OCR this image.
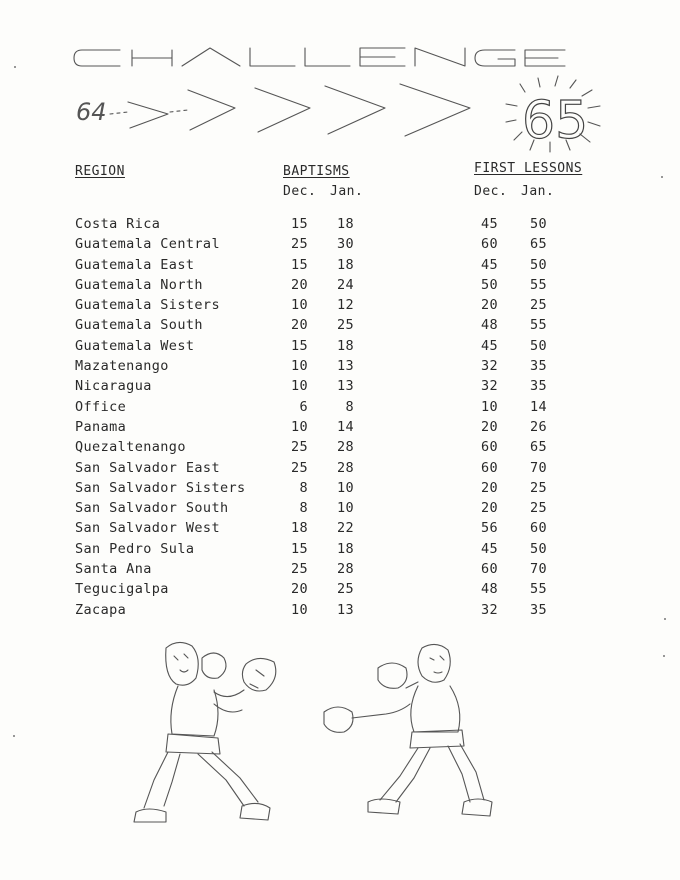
CHALLENGE
64	65
REGION	BAPTISMS	FIRST LESSONS
Dec. Jan.	Dec. Jan.
Costa Rica	15	18	45	50
Guatemala Central	25	30	60	65
Guatemala East	15	18	45	50
Guatemala North	20	24	50	55
Guatemala Sisters	10	12	20	25
Guatemala South	20	25	48	55
Guatemala West	15	18	45	50
Mazatenango	10	13	32	35
Nicaragua	10	13	32	35
Office	6	8	10	14
Panama	10	14	20	26
Quezaltenango	25	28	60	65
San Salvador East	25	28	60	70
San Salvador Sisters	8	10	20	25
San Salvador South	8	10	20	25
San Salvador West	18	22	56	60
San Pedro Sula	15	18	45	50
Santa Ana	25	28	60	70
Tegucigalpa	20	25	48	55
Zacapa	10	13	32	35
